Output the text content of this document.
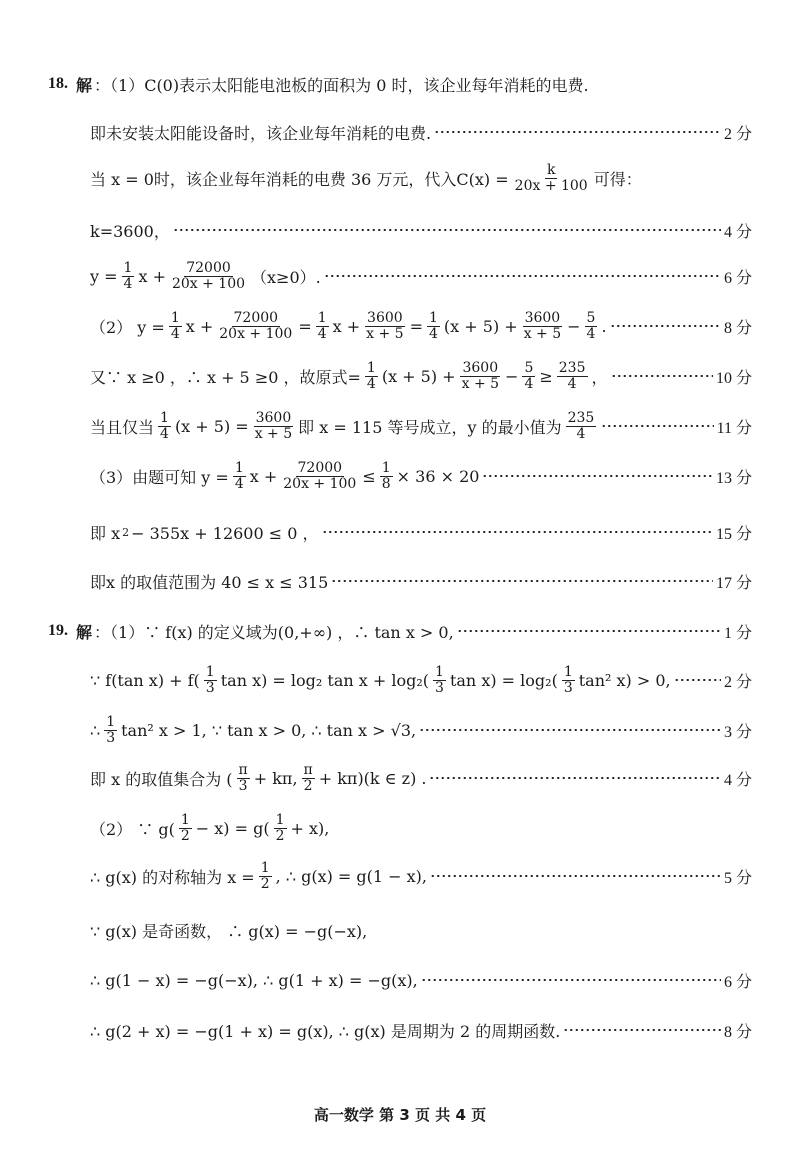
18. 解 ：（1）C(0)表示太阳能电池板的面积为 0 时，该企业每年消耗的电费.
即未安装太阳能设备时，该企业每年消耗的电费.	2 分
当 x = 0时，该企业每年消耗的电费 36 万元，代入$C(x) = \frac{k}{20x + 100}$ 可得：
k=3600，	4 分
$y = \frac{1}{4}$ $x + \frac{72000}{20x + 100} (x\ge 0)$.	6 分
（2） $y = \frac{1}{4}$ $x + \frac{72000}{20x + 100} = \frac{1}{4}$ $x + \frac{3600}{x + 5} = \frac{1}{4} (x + 5) + \frac{3600}{x + 5} - \frac{5}{4}$ .	8 分
又∵ x ≥0 ，∴ x + 5 ≥0 ，故原式= $\frac{1}{4} (x + 5) + \frac{3600}{x + 5} - \frac{5}{4} \ge \frac{235}{4}$ ，	10 分
当且仅当 $\frac{1}{4} (x + 5) = \frac{3600}{x + 5}$ 即 x = 115 等号成立，y 的最小值为 $\frac{235}{4}$	11 分
（3）由题可知 $y = \frac{1}{4}$ $x + \frac{72000}{20x + 100} \le \frac{1}{8} \times 36 \times 20$	13 分
即 x 2 − 355x + 12600 ≤ 0 ，	15 分
即x 的取值范围为 40 ≤ x ≤ 315	17 分
19. 解 ：（1）∵ f(x) 的定义域为(0,+∞) ，∴ tan x > 0,	1 分
∵ f(tan $x) + f( \frac{1}{3}$ tan x) = log₂ $\tan x + \log_2( \frac{1}{3}$ $\tan x) = \log_2( \frac{1}{3} \tan^2$ x) > 0,	2 分
∴ $\frac{1}{3} \tan^2$ x > 1, ∵ tan x > 0, ∴ tan x > √3,	3 分
即 x 的取值集合为 ( $\frac{\pi}{3} + k\pi$, $\frac{\pi}{2} + k\pi)(k$ ∈ z) .	4 分
（2） ∵ $g( \frac{1}{2} - x) = g( \frac{1}{2} + x)$,
∴ g(x) 的对称轴为 $x = \frac{1}{2}$ , ∴ g(x) = g(1 − x),	5 分
∵ g(x) 是奇函数， ∴ g(x) = −g(−x),
∴ g(1 − x) = −g(−x), ∴ g(1 + x) = −g(x),	6 分
∴ g(2 + x) = −g(1 + x) = g(x), ∴ g(x) 是周期为 2 的周期函数.	8 分
高一数学 第 3 页 共 4 页
